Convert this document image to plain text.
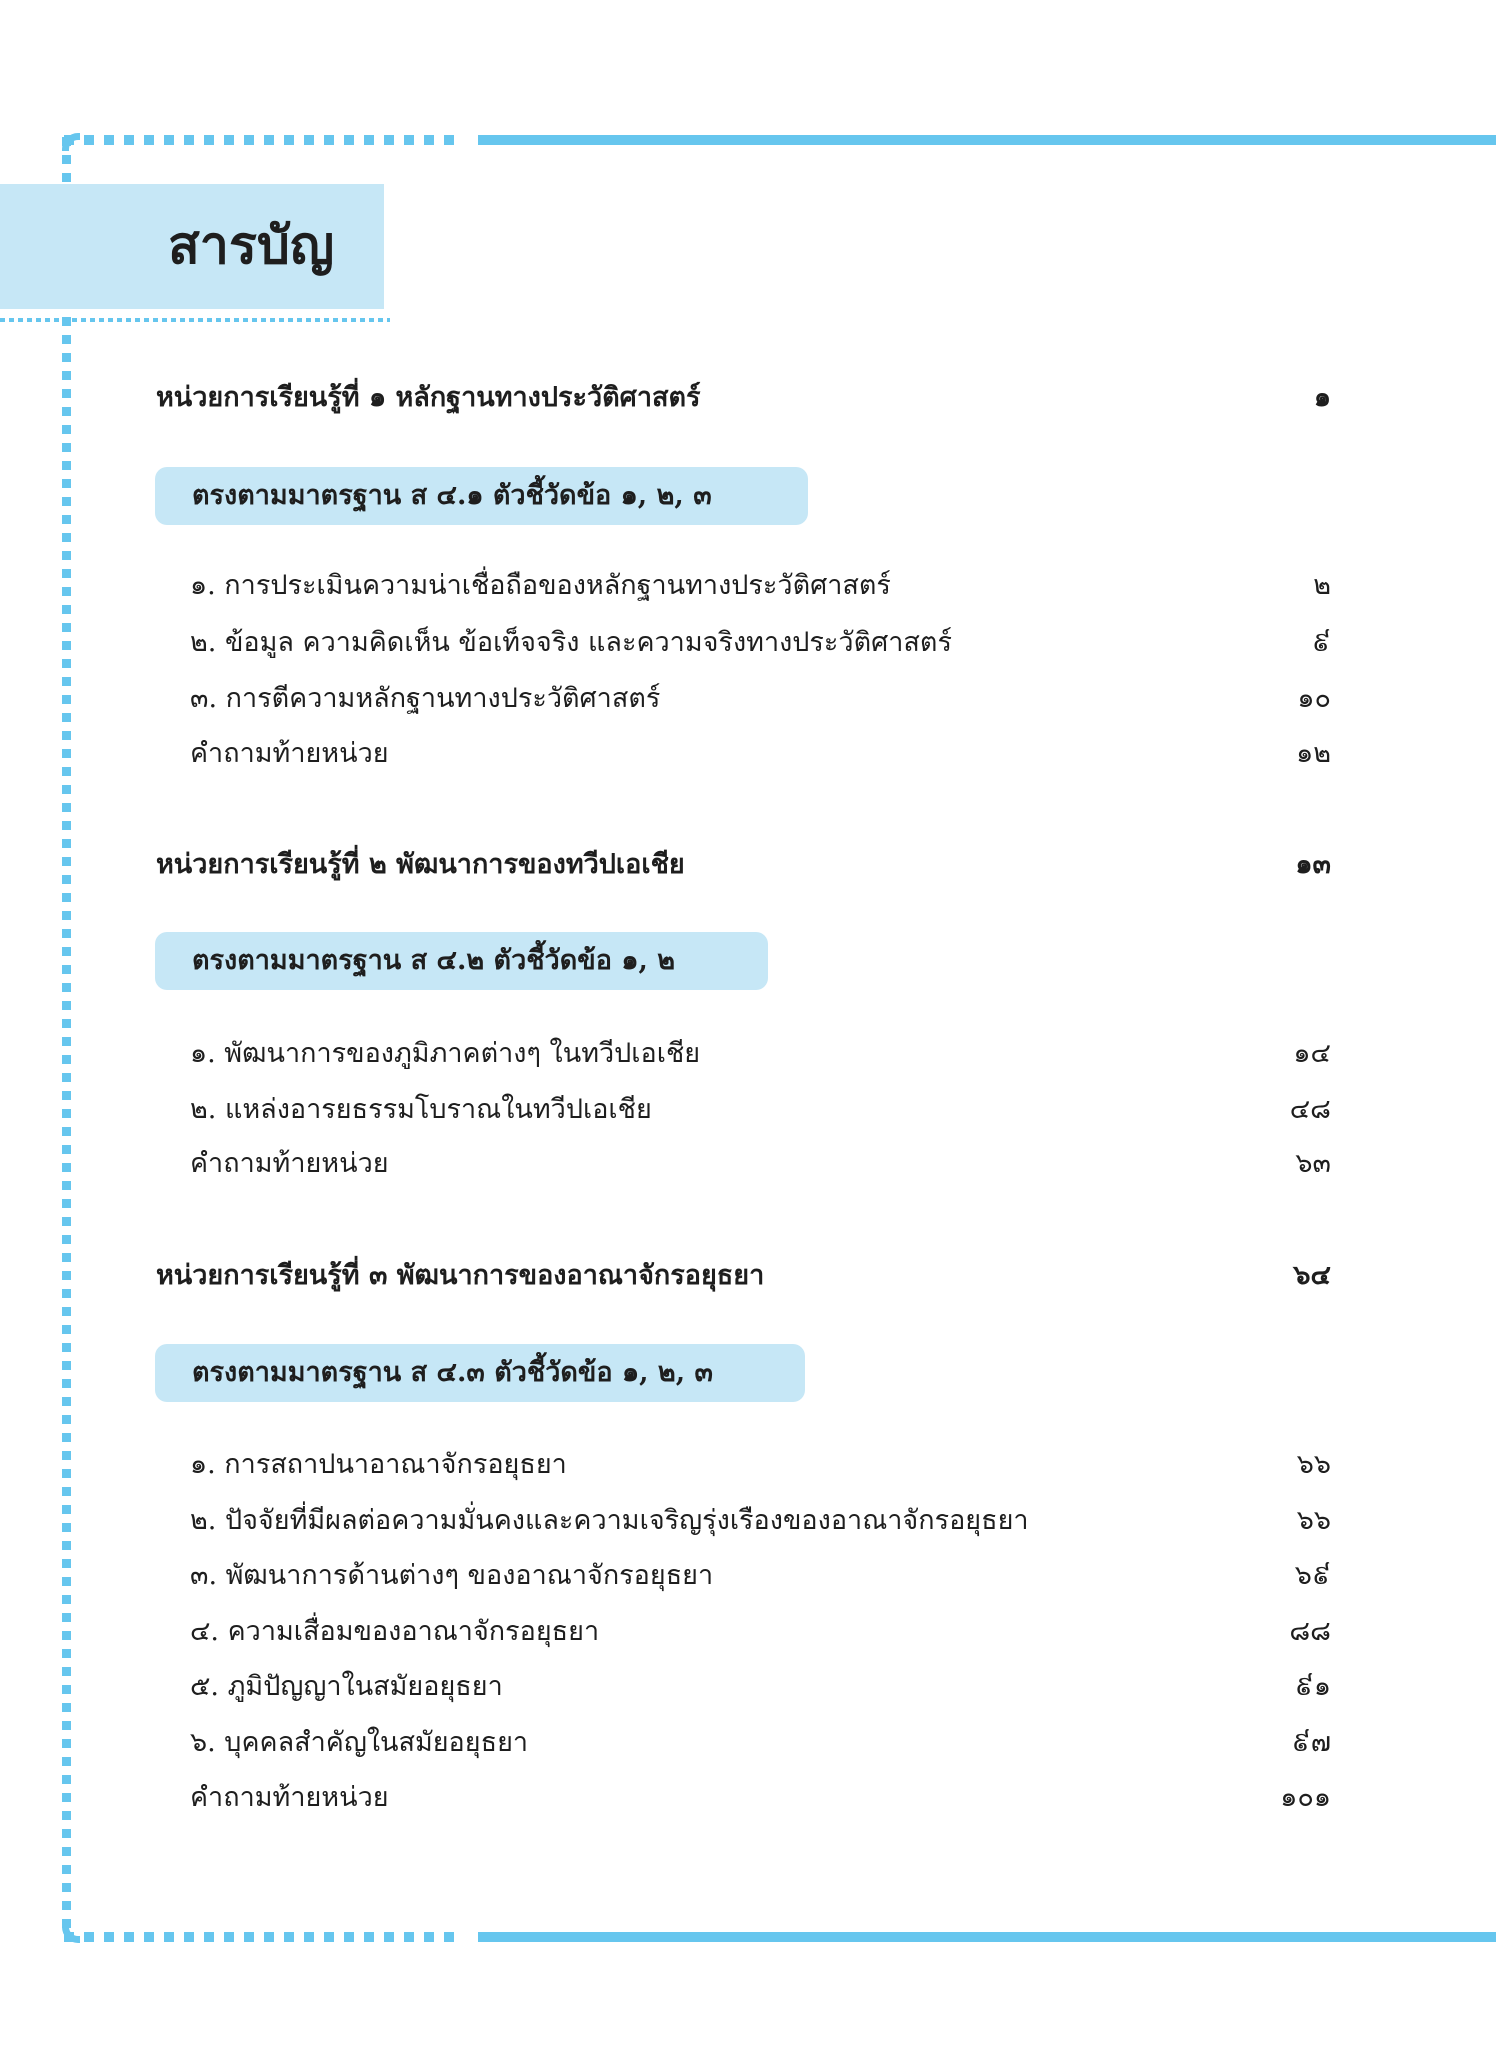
สารบัญ
หน่วยการเรียนรู้ที่ ๑ หลักฐานทางประวัติศาสตร์	๑
ตรงตามมาตรฐาน ส ๔.๑ ตัวชี้วัดข้อ ๑, ๒, ๓
๑. การประเมินความน่าเชื่อถือของหลักฐานทางประวัติศาสตร์	๒
๒. ข้อมูล ความคิดเห็น ข้อเท็จจริง และความจริงทางประวัติศาสตร์	៩
๓. การตีความหลักฐานทางประวัติศาสตร์	๑๐
คำถามท้ายหน่วย	๑๒
หน่วยการเรียนรู้ที่ ๒ พัฒนาการของทวีปเอเชีย	๑๓
ตรงตามมาตรฐาน ส ๔.๒ ตัวชี้วัดข้อ ๑, ๒
๑. พัฒนาการของภูมิภาคต่างๆ ในทวีปเอเชีย	๑๔
๒. แหล่งอารยธรรมโบราณในทวีปเอเชีย	๔๘
คำถามท้ายหน่วย	๖๓
หน่วยการเรียนรู้ที่ ๓ พัฒนาการของอาณาจักรอยุธยา	๖๔
ตรงตามมาตรฐาน ส ๔.๓ ตัวชี้วัดข้อ ๑, ๒, ๓
๑. การสถาปนาอาณาจักรอยุธยา	๖๖
๒. ปัจจัยที่มีผลต่อความมั่นคงและความเจริญรุ่งเรืองของอาณาจักรอยุธยา	๖๖
๓. พัฒนาการด้านต่างๆ ของอาณาจักรอยุธยา	๖៩
๔. ความเสื่อมของอาณาจักรอยุธยา	๘๘
๕. ภูมิปัญญาในสมัยอยุธยา	៩๑
๖. บุคคลสำคัญในสมัยอยุธยา	៩๗
คำถามท้ายหน่วย	๑๐๑
